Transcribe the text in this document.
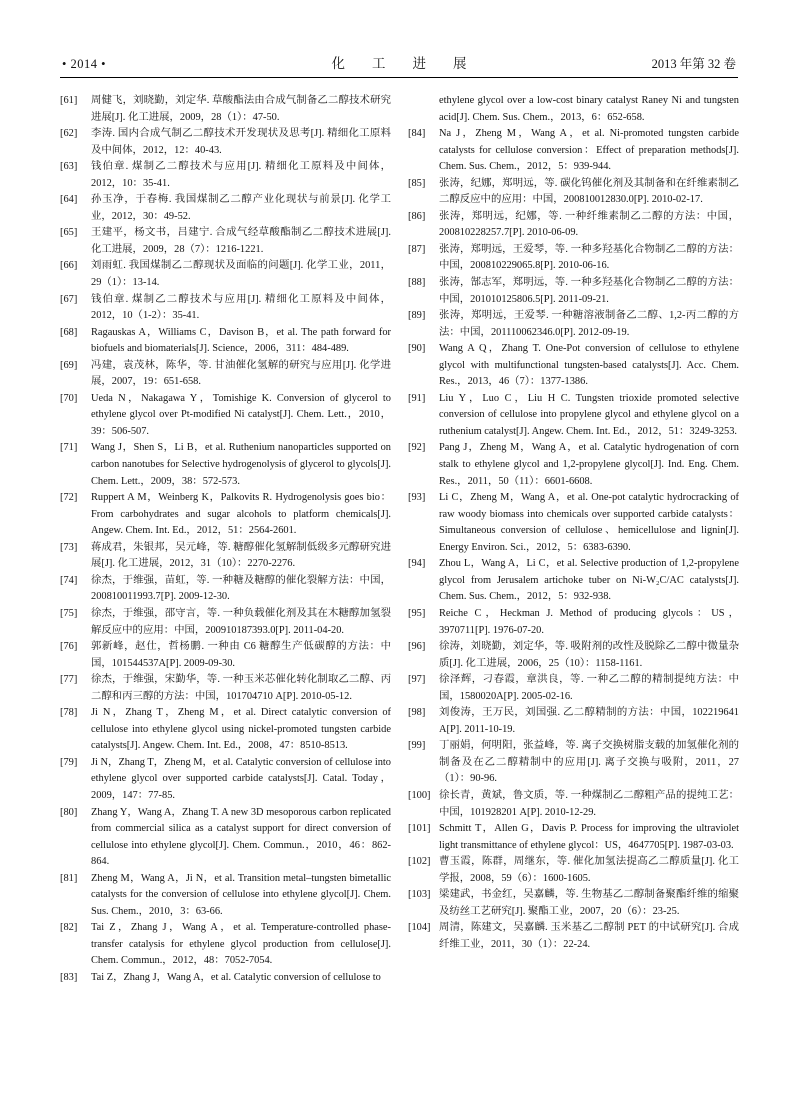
• 2014 •	化　　工　　进　　展	2013 年第 32 卷
[61] 周健飞，刘晓勤，刘定华. 草酸酯法由合成气制备乙二醇技术研究进展[J]. 化工进展，2009，28（1）：47-50.
[62] 李涛. 国内合成气制乙二醇技术开发现状及思考[J]. 精细化工原料及中间体，2012，12：40-43.
[63] 钱伯章. 煤制乙二醇技术与应用[J]. 精细化工原料及中间体，2012，10：35-41.
[64] 孙玉净，于春梅. 我国煤制乙二醇产业化现状与前景[J]. 化学工业，2012，30：49-52.
[65] 王建平，杨文书，吕建宁. 合成气经草酸酯制乙二醇技术进展[J]. 化工进展，2009，28（7）：1216-1221.
[66] 刘雨虹. 我国煤制乙二醇现状及面临的问题[J]. 化学工业，2011，29（1）：13-14.
[67] 钱伯章. 煤制乙二醇技术与应用[J]. 精细化工原料及中间体，2012，10（1-2）：35-41.
[68] Ragauskas A，Williams C，Davison B，et al. The path forward for biofuels and biomaterials[J]. Science，2006，311：484-489.
[69] 冯建，袁茂林，陈华，等. 甘油催化氢解的研究与应用[J]. 化学进展，2007，19：651-658.
[70] Ueda N，Nakagawa Y，Tomishige K. Conversion of glycerol to ethylene glycol over Pt-modified Ni catalyst[J]. Chem. Lett.，2010，39：506-507.
[71] Wang J，Shen S，Li B，et al. Ruthenium nanoparticles supported on carbon nanotubes for Selective hydrogenolysis of glycerol to glycols[J]. Chem. Lett.，2009，38：572-573.
[72] Ruppert A M，Weinberg K，Palkovits R. Hydrogenolysis goes bio：From carbohydrates and sugar alcohols to platform chemicals[J]. Angew. Chem. Int. Ed.，2012，51：2564-2601.
[73] 蒋成君，朱银邦，吴元峰，等. 糖醇催化氢解制低级多元醇研究进展[J]. 化工进展，2012，31（10）：2270-2276.
[74] 徐杰，于维强，苗虹，等. 一种糖及糖醇的催化裂解方法：中国，200810011993.7[P]. 2009-12-30.
[75] 徐杰，于维强，邵守言，等. 一种负载催化剂及其在木糖醇加氢裂解反应中的应用：中国，200910187393.0[P]. 2011-04-20.
[76] 郭新峰，赵仕，哲杨鹏. 一种由 C6 糖醇生产低碳醇的方法：中国，101544537A[P]. 2009-09-30.
[77] 徐杰，于维强，宋勤华，等. 一种玉米芯催化转化制取乙二醇、丙二醇和丙三醇的方法：中国，101704710 A[P]. 2010-05-12.
[78] Ji N，Zhang T，Zheng M，et al. Direct catalytic conversion of cellulose into ethylene glycol using nickel-promoted tungsten carbide catalysts[J]. Angew. Chem. Int. Ed.，2008，47：8510-8513.
[79] Ji N，Zhang T，Zheng M，et al. Catalytic conversion of cellulose into ethylene glycol over supported carbide catalysts[J]. Catal. Today，2009，147：77-85.
[80] Zhang Y，Wang A，Zhang T. A new 3D mesoporous carbon replicated from commercial silica as a catalyst support for direct conversion of cellulose into ethylene glycol[J]. Chem. Commun.，2010，46：862-864.
[81] Zheng M，Wang A，Ji N，et al. Transition metal–tungsten bimetallic catalysts for the conversion of cellulose into ethylene glycol[J]. Chem. Sus. Chem.，2010，3：63-66.
[82] Tai Z，Zhang J，Wang A，et al. Temperature-controlled phase-transfer catalysis for ethylene glycol production from cellulose[J]. Chem. Commun.，2012，48：7052-7054.
[83] Tai Z，Zhang J，Wang A，et al. Catalytic conversion of cellulose to
ethylene glycol over a low-cost binary catalyst Raney Ni and tungsten acid[J]. Chem. Sus. Chem.，2013，6：652-658.
[84] Na J，Zheng M，Wang A，et al. Ni-promoted tungsten carbide catalysts for cellulose conversion：Effect of preparation methods[J]. Chem. Sus. Chem.，2012，5：939-944.
[85] 张涛，纪娜，郑明远，等. 碳化钨催化剂及其制备和在纤维素制乙二醇反应中的应用：中国，200810012830.0[P]. 2010-02-17.
[86] 张涛，郑明远，纪娜，等. 一种纤维素制乙二醇的方法：中国，200810228257.7[P]. 2010-06-09.
[87] 张涛，郑明远，王爱琴，等. 一种多羟基化合物制乙二醇的方法：中国，200810229065.8[P]. 2010-06-16.
[88] 张涛，郜志军，郑明远，等. 一种多羟基化合物制乙二醇的方法：中国，201010125806.5[P]. 2011-09-21.
[89] 张涛，郑明远，王爱琴. 一种糖溶液制备乙二醇、1,2-丙二醇的方法：中国，201110062346.0[P]. 2012-09-19.
[90] Wang A Q，Zhang T. One-Pot conversion of cellulose to ethylene glycol with multifunctional tungsten-based catalysts[J]. Acc. Chem. Res.，2013，46（7）：1377-1386.
[91] Liu Y，Luo C，Liu H C. Tungsten trioxide promoted selective conversion of cellulose into propylene glycol and ethylene glycol on a ruthenium catalyst[J]. Angew. Chem. Int. Ed.，2012，51：3249-3253.
[92] Pang J，Zheng M，Wang A，et al. Catalytic hydrogenation of corn stalk to ethylene glycol and 1,2-propylene glycol[J]. Ind. Eng. Chem. Res.，2011，50（11）：6601-6608.
[93] Li C，Zheng M，Wang A，et al. One-pot catalytic hydrocracking of raw woody biomass into chemicals over supported carbide catalysts：Simultaneous conversion of cellulose、hemicellulose and lignin[J]. Energy Environ. Sci.，2012，5：6383-6390.
[94] Zhou L，Wang A，Li C，et al. Selective production of 1,2-propylene glycol from Jerusalem artichoke tuber on Ni-W₂C/AC catalysts[J]. Chem. Sus. Chem.，2012，5：932-938.
[95] Reiche C，Heckman J. Method of producing glycols：US，3970711[P]. 1976-07-20.
[96] 徐涛，刘晓勤，刘定华，等. 吸附剂的改性及脱除乙二醇中微量杂质[J]. 化工进展，2006，25（10）：1158-1161.
[97] 徐泽辉，刁春霞，章洪良，等. 一种乙二醇的精制提纯方法：中国，1580020A[P]. 2005-02-16.
[98] 刘俊涛，王万民，刘国强. 乙二醇精制的方法：中国，102219641 A[P]. 2011-10-19.
[99] 丁丽娟，何明阳，张益峰，等. 离子交换树脂支载的加氢催化剂的制备及在乙二醇精制中的应用[J]. 离子交换与吸附，2011，27（1）：90-96.
[100] 徐长青，黄斌，鲁文质，等. 一种煤制乙二醇粗产品的提纯工艺：中国，101928201 A[P]. 2010-12-29.
[101] Schmitt T，Allen G，Davis P. Process for improving the ultraviolet light transmittance of ethylene glycol：US，4647705[P]. 1987-03-03.
[102] 曹玉霞，陈群，周继东，等. 催化加氢法提高乙二醇质量[J]. 化工学报，2008，59（6）：1600-1605.
[103] 梁建武，书金红，吴嘉麟，等. 生物基乙二醇制备聚酯纤维的缩聚及纺丝工艺研究[J]. 聚酯工业，2007，20（6）：23-25.
[104] 周清，陈建文，吴嘉麟. 玉米基乙二醇制 PET 的中试研究[J]. 合成纤维工业，2011，30（1）：22-24.
